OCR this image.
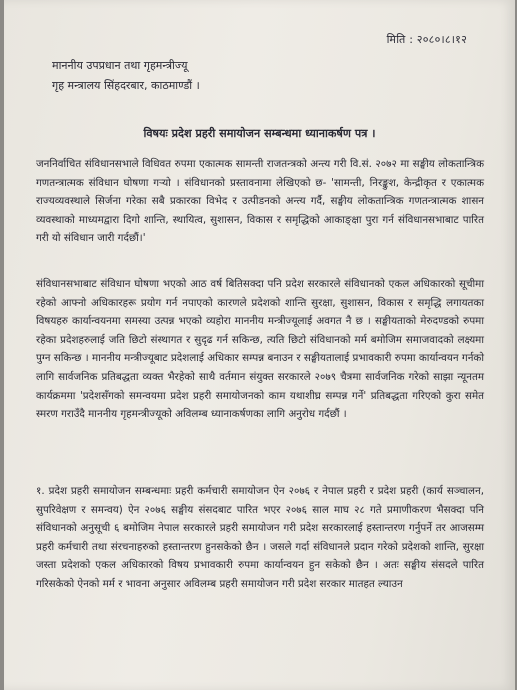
मिति : २०८०।८।१२
माननीय उपप्रधान तथा गृहमन्त्रीज्यू
गृह मन्त्रालय सिंहदरबार, काठमाण्डौं ।
विषयः प्रदेश प्रहरी समायोजन सम्बन्धमा ध्यानाकर्षण पत्र ।
जननिर्वाचित संविधानसभाले विधिवत रुपमा एकात्मक सामन्ती राजतन्त्रको अन्त्य गरी वि.सं. २०७२ मा सङ्घीय लोकतान्त्रिक गणतन्त्रात्मक संविधान घोषणा गर्‍यो । संविधानको प्रस्तावनामा लेखिएको छ- 'सामन्ती, निरङ्कुश, केन्द्रीकृत र एकात्मक राज्यव्यवस्थाले सिर्जना गरेका सबै प्रकारका विभेद र उत्पीडनको अन्त्य गर्दै, सङ्घीय लोकतान्त्रिक गणतन्त्रात्मक शासन व्यवस्थाको माध्यमद्वारा दिगो शान्ति, स्थायित्व, सुशासन, विकास र समृद्धिको आकाङ्क्षा पुरा गर्न संविधानसभाबाट पारित गरी यो संविधान जारी गर्दछौं।'
संविधानसभाबाट संविधान घोषणा भएको आठ वर्ष बितिसक्दा पनि प्रदेश सरकारले संविधानको एकल अधिकारको सूचीमा रहेको आफ्नो अधिकारहरू प्रयोग गर्न नपाएको कारणले प्रदेशको शान्ति सुरक्षा, सुशासन, विकास र समृद्धि लगायतका विषयहरु कार्यान्वयनमा समस्या उत्पन्न भएको व्यहोरा माननीय मन्त्रीज्यूलाई अवगत नै छ । सङ्घीयताको मेरुदण्डको रुपमा रहेका प्रदेशहरुलाई जति छिटो संस्थागत र सुदृढ गर्न सकिन्छ, त्यति छिटो संविधानको मर्म बमोजिम समाजवादको लक्ष्यमा पुग्न सकिन्छ । माननीय मन्त्रीज्यूबाट प्रदेशलाई अधिकार सम्पन्न बनाउन र सङ्घीयतालाई प्रभावकारी रुपमा कार्यान्वयन गर्नको लागि सार्वजनिक प्रतिबद्धता व्यक्त भैरहेको साथै वर्तमान संयुक्त सरकारले २०७९ चैत्रमा सार्वजनिक गरेको साझा न्यूनतम कार्यक्रममा 'प्रदेशसँगको समन्वयमा प्रदेश प्रहरी समायोजनको काम यथाशीघ्र सम्पन्न गर्ने' प्रतिबद्धता गरिएको कुरा समेत स्मरण गराउँदै माननीय गृहमन्त्रीज्यूको अविलम्ब ध्यानाकर्षणका लागि अनुरोध गर्दछौं ।
१. प्रदेश प्रहरी समायोजन सम्बन्धमाः प्रहरी कर्मचारी समायोजन ऐन २०७६ र नेपाल प्रहरी र प्रदेश प्रहरी (कार्य सञ्चालन, सुपरिवेक्षण र समन्वय) ऐन २०७६ सङ्घीय संसदबाट पारित भएर २०७६ साल माघ २८ गते प्रमाणीकरण भैसक्दा पनि संविधानको अनुसूची ६ बमोजिम नेपाल सरकारले प्रहरी समायोजन गरी प्रदेश सरकारलाई हस्तान्तरण गर्नुपर्ने तर आजसम्म प्रहरी कर्मचारी तथा संरचनाहरुको हस्तान्तरण हुनसकेको छैन । जसले गर्दा संविधानले प्रदान गरेको प्रदेशको शान्ति, सुरक्षा जस्ता प्रदेशको एकल अधिकारको विषय प्रभावकारी रुपमा कार्यान्वयन हुन सकेको छैन । अतः सङ्घीय संसदले पारित गरिसकेको ऐनको मर्म र भावना अनुसार अविलम्ब प्रहरी समायोजन गरी प्रदेश सरकार मातहत ल्याउन
